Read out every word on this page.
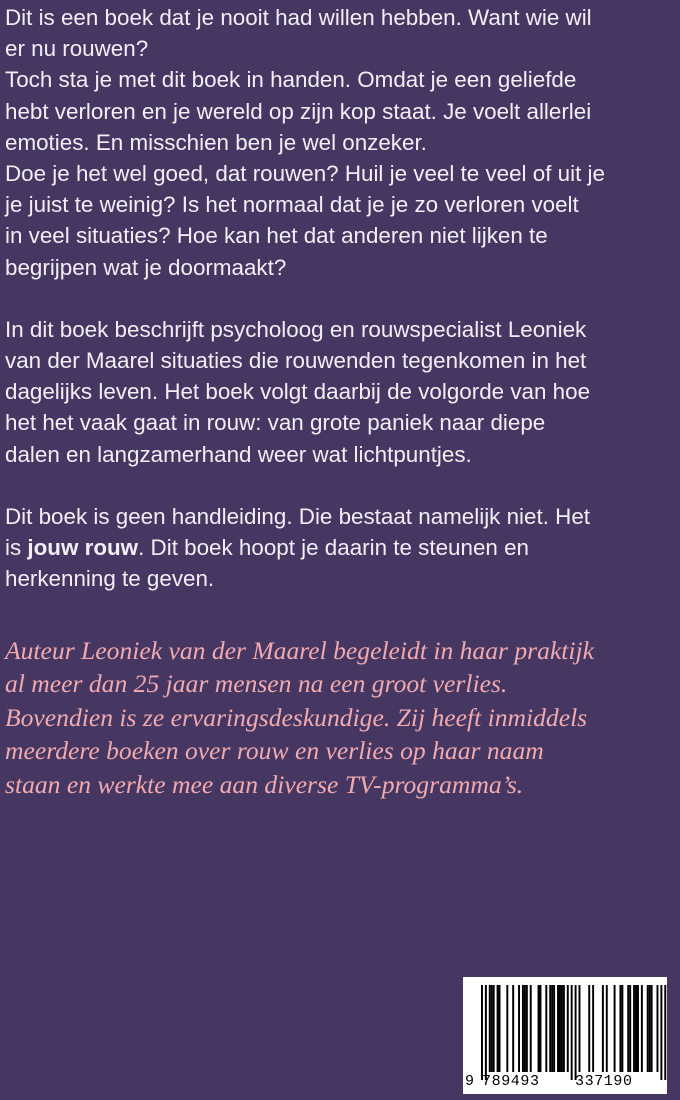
Dit is een boek dat je nooit had willen hebben. Want wie wil
er nu rouwen?
Toch sta je met dit boek in handen. Omdat je een geliefde
hebt verloren en je wereld op zijn kop staat. Je voelt allerlei
emoties. En misschien ben je wel onzeker.
Doe je het wel goed, dat rouwen? Huil je veel te veel of uit je
je juist te weinig? Is het normaal dat je je zo verloren voelt
in veel situaties? Hoe kan het dat anderen niet lijken te
begrijpen wat je doormaakt?

In dit boek beschrijft psycholoog en rouwspecialist Leoniek
van der Maarel situaties die rouwenden tegenkomen in het
dagelijks leven. Het boek volgt daarbij de volgorde van hoe
het het vaak gaat in rouw: van grote paniek naar diepe
dalen en langzamerhand weer wat lichtpuntjes.

Dit boek is geen handleiding. Die bestaat namelijk niet. Het
is jouw rouw. Dit boek hoopt je daarin te steunen en
herkenning te geven.

Auteur Leoniek van der Maarel begeleidt in haar praktijk
al meer dan 25 jaar mensen na een groot verlies.
Bovendien is ze ervaringsdeskundige. Zij heeft inmiddels
meerdere boeken over rouw en verlies op haar naam
staan en werkte mee aan diverse TV-programma’s.

9 789493 337190
